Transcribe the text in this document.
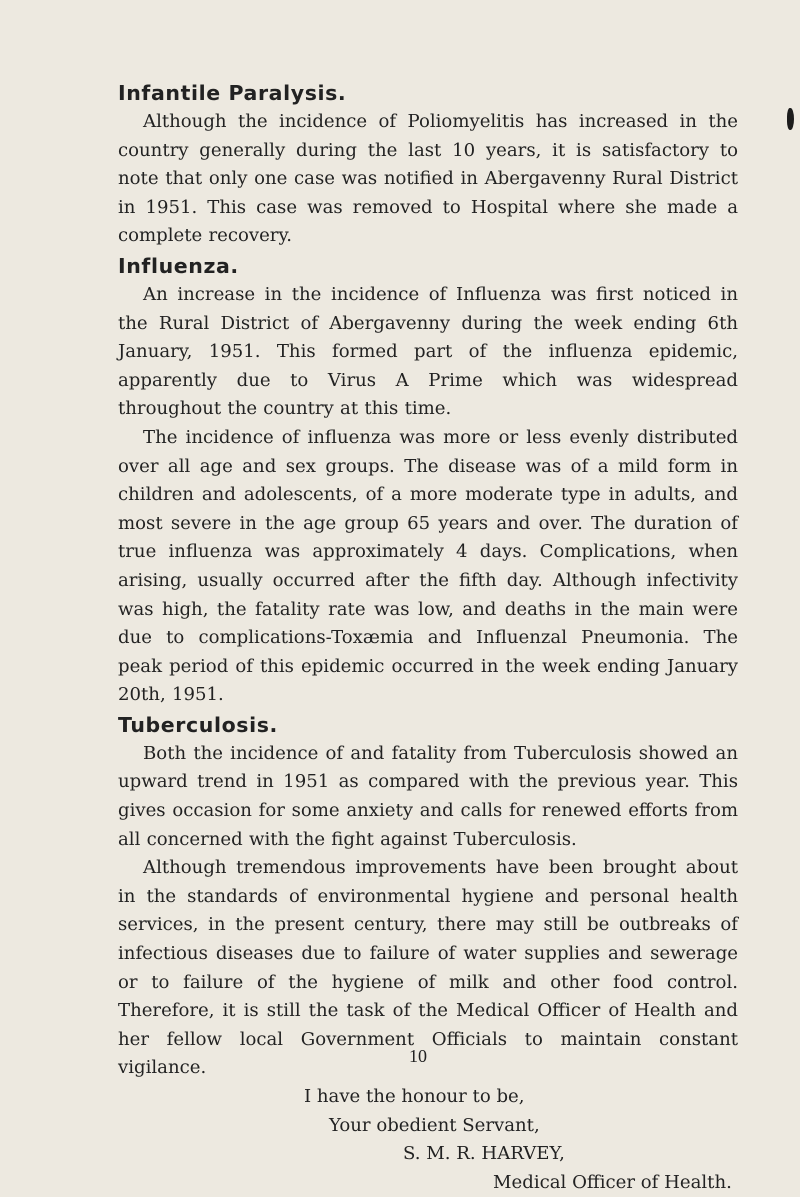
Infantile Paralysis.

Although the incidence of Poliomyelitis has increased in the country generally during the last 10 years, it is satisfactory to note that only one case was notified in Abergavenny Rural District in 1951. This case was removed to Hospital where she made a complete recovery.

Influenza.

An increase in the incidence of Influenza was first noticed in the Rural District of Abergavenny during the week ending 6th January, 1951. This formed part of the influenza epidemic, apparently due to Virus A Prime which was widespread throughout the country at this time.

The incidence of influenza was more or less evenly distributed over all age and sex groups. The disease was of a mild form in children and adolescents, of a more moderate type in adults, and most severe in the age group 65 years and over. The duration of true influenza was approximately 4 days. Complications, when arising, usually occurred after the fifth day. Although infectivity was high, the fatality rate was low, and deaths in the main were due to complications-Toxæmia and Influenzal Pneumonia. The peak period of this epidemic occurred in the week ending January 20th, 1951.

Tuberculosis.

Both the incidence of and fatality from Tuberculosis showed an upward trend in 1951 as compared with the previous year. This gives occasion for some anxiety and calls for renewed efforts from all concerned with the fight against Tuberculosis.

Although tremendous improvements have been brought about in the standards of environmental hygiene and personal health services, in the present century, there may still be outbreaks of infectious diseases due to failure of water supplies and sewerage or to failure of the hygiene of milk and other food control. Therefore, it is still the task of the Medical Officer of Health and her fellow local Government Officials to maintain constant vigilance.

I have the honour to be,

Your obedient Servant,

S. M. R. HARVEY,

Medical Officer of Health.

10
